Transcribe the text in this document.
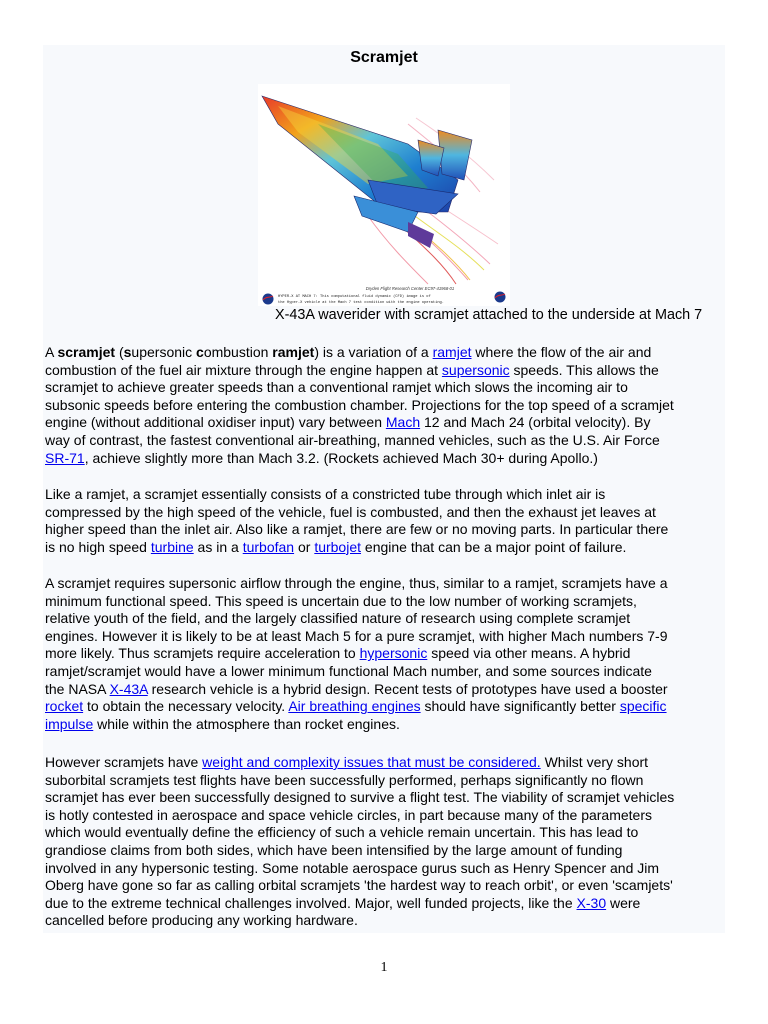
Scramjet
Dryden Flight Research Center EC97-41968-01
HYPER-X AT MACH 7: This computational fluid dynamic (CFD) image is of
the Hyper-X vehicle at the Mach 7 test condition with the engine operating.
X-43A waverider with scramjet attached to the underside at Mach 7
A scramjet (supersonic combustion ramjet) is a variation of a ramjet where the flow of the air and
combustion of the fuel air mixture through the engine happen at supersonic speeds. This allows the
scramjet to achieve greater speeds than a conventional ramjet which slows the incoming air to
subsonic speeds before entering the combustion chamber. Projections for the top speed of a scramjet
engine (without additional oxidiser input) vary between Mach 12 and Mach 24 (orbital velocity). By
way of contrast, the fastest conventional air-breathing, manned vehicles, such as the U.S. Air Force
SR-71, achieve slightly more than Mach 3.2. (Rockets achieved Mach 30+ during Apollo.)
Like a ramjet, a scramjet essentially consists of a constricted tube through which inlet air is
compressed by the high speed of the vehicle, fuel is combusted, and then the exhaust jet leaves at
higher speed than the inlet air. Also like a ramjet, there are few or no moving parts. In particular there
is no high speed turbine as in a turbofan or turbojet engine that can be a major point of failure.
A scramjet requires supersonic airflow through the engine, thus, similar to a ramjet, scramjets have a
minimum functional speed. This speed is uncertain due to the low number of working scramjets,
relative youth of the field, and the largely classified nature of research using complete scramjet
engines. However it is likely to be at least Mach 5 for a pure scramjet, with higher Mach numbers 7-9
more likely. Thus scramjets require acceleration to hypersonic speed via other means. A hybrid
ramjet/scramjet would have a lower minimum functional Mach number, and some sources indicate
the NASA X-43A research vehicle is a hybrid design. Recent tests of prototypes have used a booster
rocket to obtain the necessary velocity. Air breathing engines should have significantly better specific
impulse while within the atmosphere than rocket engines.
However scramjets have weight and complexity issues that must be considered. Whilst very short
suborbital scramjets test flights have been successfully performed, perhaps significantly no flown
scramjet has ever been successfully designed to survive a flight test. The viability of scramjet vehicles
is hotly contested in aerospace and space vehicle circles, in part because many of the parameters
which would eventually define the efficiency of such a vehicle remain uncertain. This has lead to
grandiose claims from both sides, which have been intensified by the large amount of funding
involved in any hypersonic testing. Some notable aerospace gurus such as Henry Spencer and Jim
Oberg have gone so far as calling orbital scramjets 'the hardest way to reach orbit', or even 'scamjets'
due to the extreme technical challenges involved. Major, well funded projects, like the X-30 were
cancelled before producing any working hardware.
1
